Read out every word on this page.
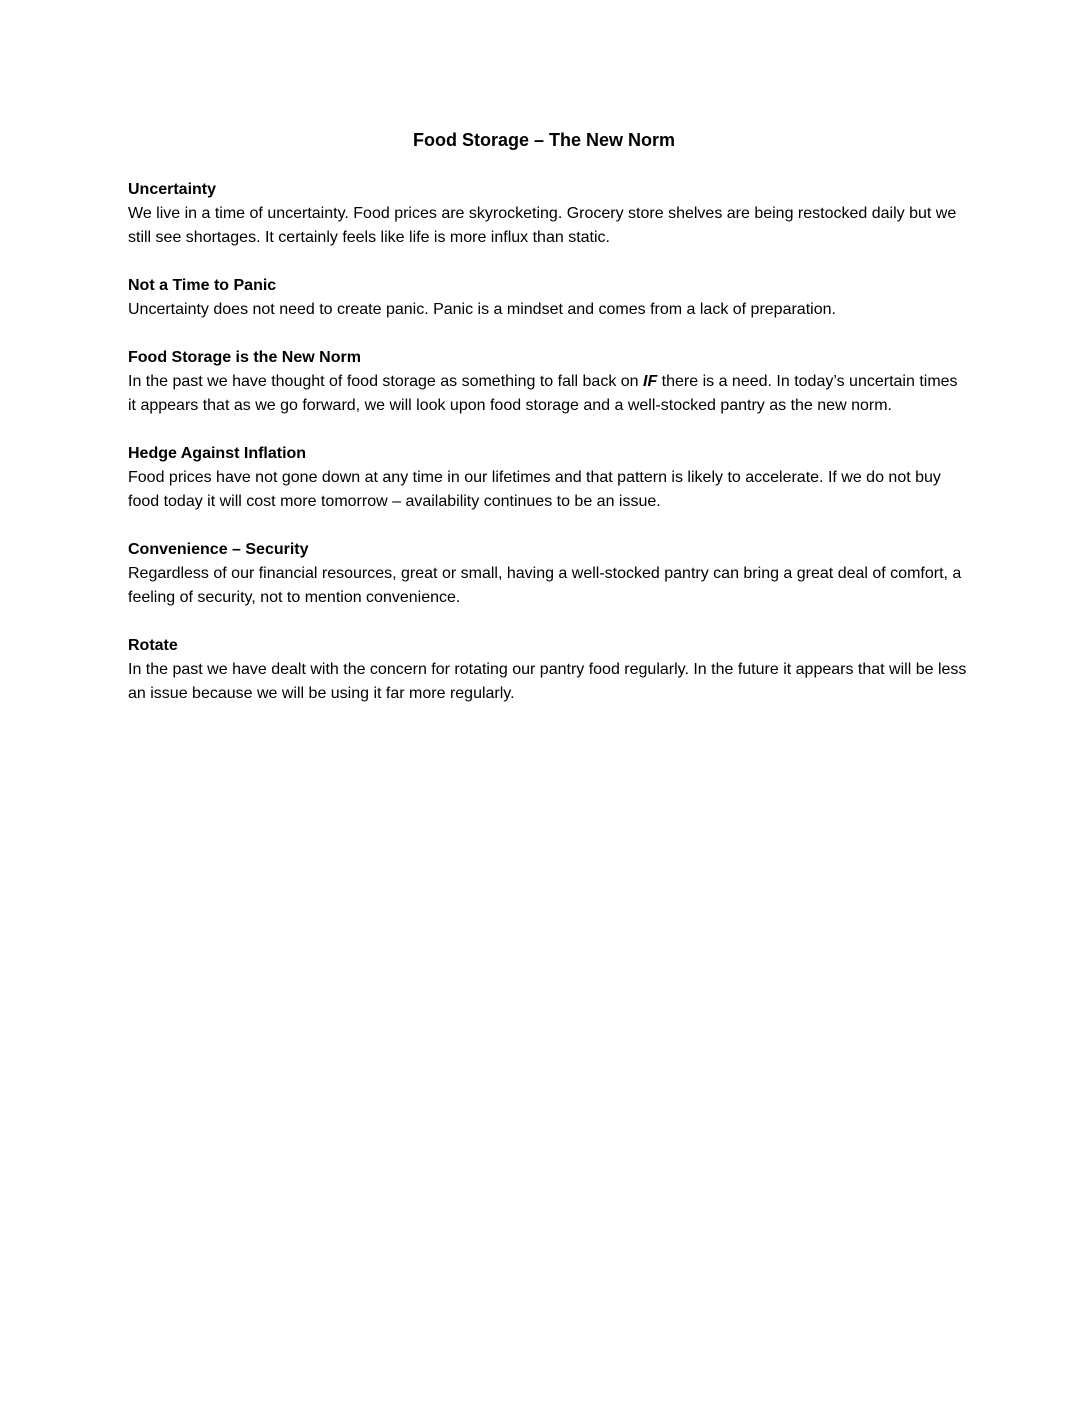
Food Storage – The New Norm

Uncertainty

We live in a time of uncertainty. Food prices are skyrocketing. Grocery store shelves are being restocked daily but we still see shortages. It certainly feels like life is more influx than static.

Not a Time to Panic

Uncertainty does not need to create panic. Panic is a mindset and comes from a lack of preparation.

Food Storage is the New Norm

In the past we have thought of food storage as something to fall back on IF there is a need. In today’s uncertain times it appears that as we go forward, we will look upon food storage and a well-stocked pantry as the new norm.

Hedge Against Inflation

Food prices have not gone down at any time in our lifetimes and that pattern is likely to accelerate. If we do not buy food today it will cost more tomorrow – availability continues to be an issue.

Convenience – Security

Regardless of our financial resources, great or small, having a well-stocked pantry can bring a great deal of comfort, a feeling of security, not to mention convenience.

Rotate

In the past we have dealt with the concern for rotating our pantry food regularly. In the future it appears that will be less an issue because we will be using it far more regularly.
